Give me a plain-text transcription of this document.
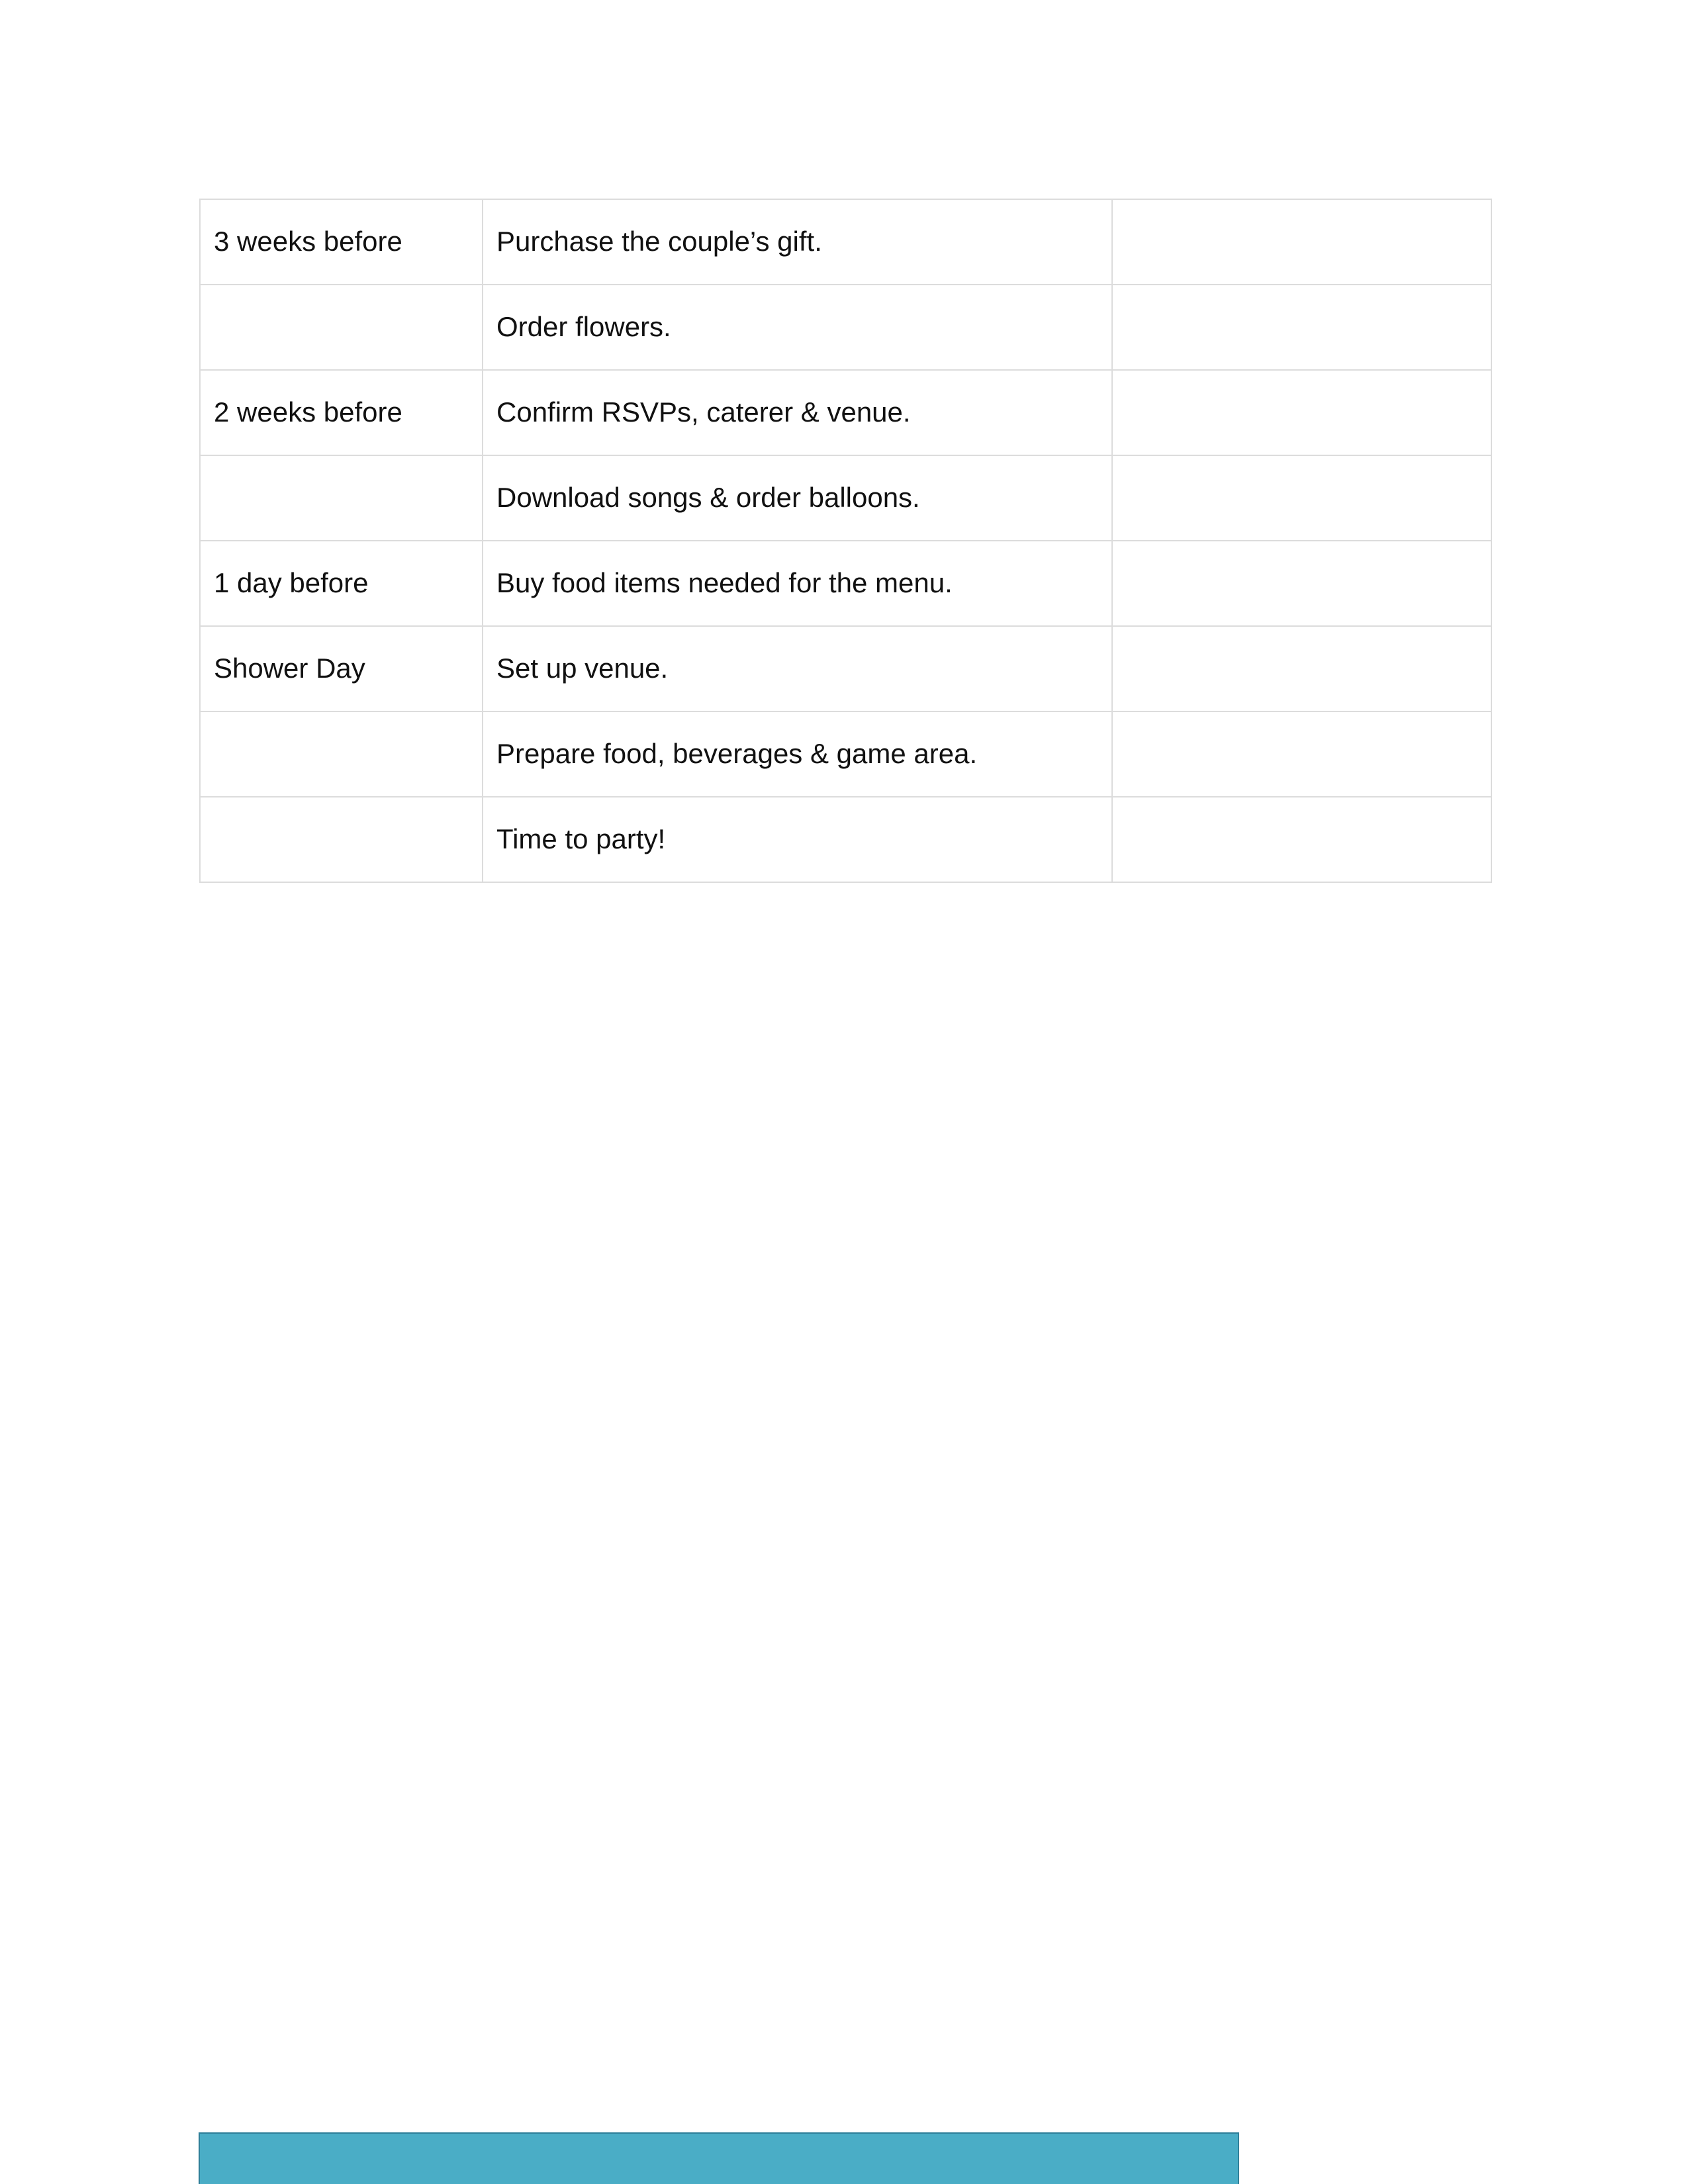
3 weeks before	Purchase the couple’s gift.	
	Order flowers.	
2 weeks before	Confirm RSVPs, caterer & venue.	
	Download songs & order balloons.	
1 day before	Buy food items needed for the menu.	
Shower Day	Set up venue.	
	Prepare food, beverages & game area.	
	Time to party!	
